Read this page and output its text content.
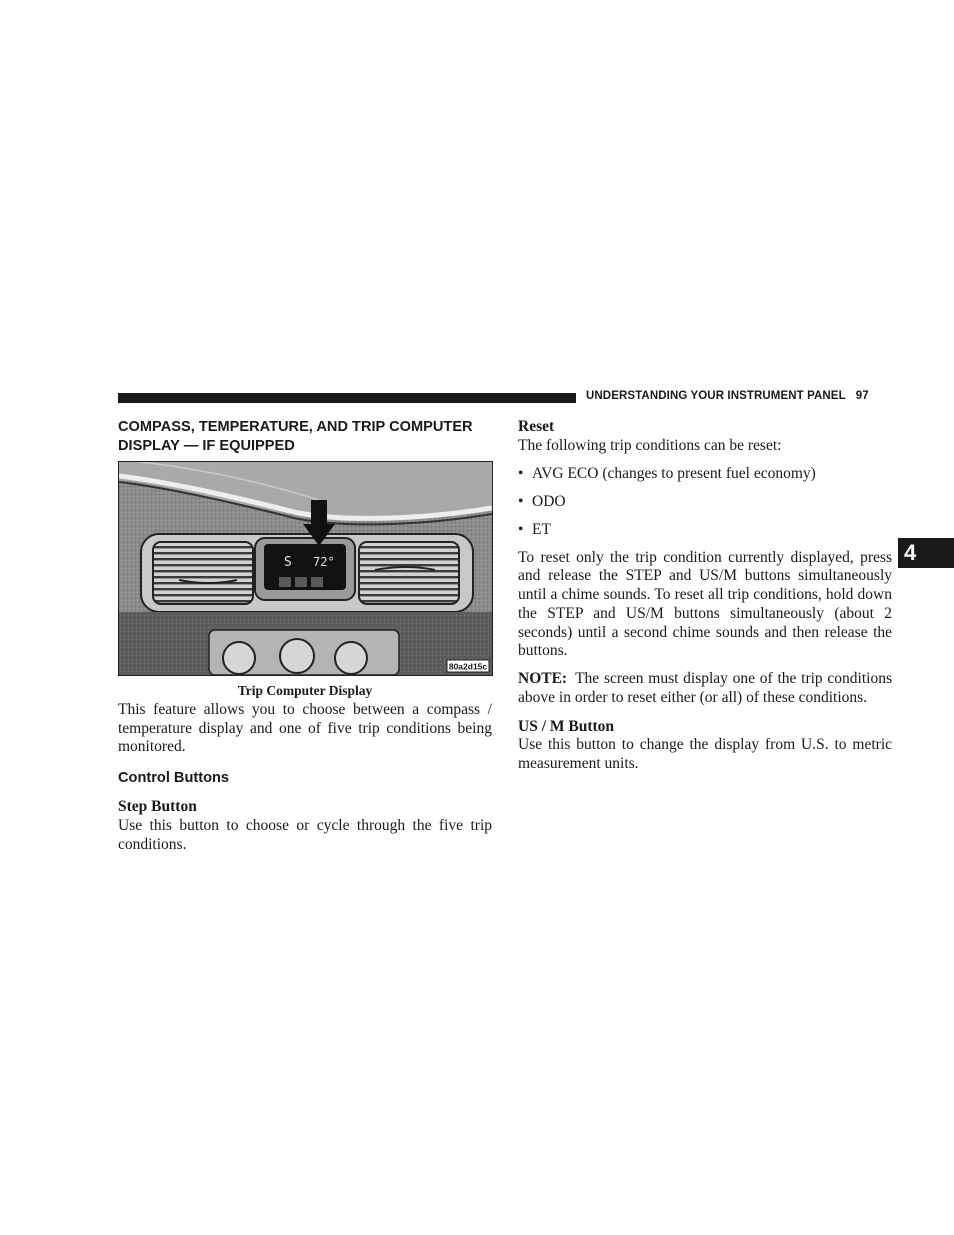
UNDERSTANDING YOUR INSTRUMENT PANEL 97
4
COMPASS, TEMPERATURE, AND TRIP COMPUTER DISPLAY — IF EQUIPPED
S 72°
80a2d15c
Trip Computer Display

This feature allows you to choose between a compass / temperature display and one of five trip conditions being monitored.

Control Buttons
Step Button

Use this button to choose or cycle through the five trip conditions.

Reset

The following trip conditions can be reset:

• AVG ECO (changes to present fuel economy)
• ODO
• ET

To reset only the trip condition currently displayed, press and release the STEP and US/M buttons simultaneously until a chime sounds. To reset all trip conditions, hold down the STEP and US/M buttons simultaneously (about 2 seconds) until a second chime sounds and then release the buttons.

NOTE: The screen must display one of the trip conditions above in order to reset either (or all) of these conditions.

US / M Button

Use this button to change the display from U.S. to metric measurement units.
